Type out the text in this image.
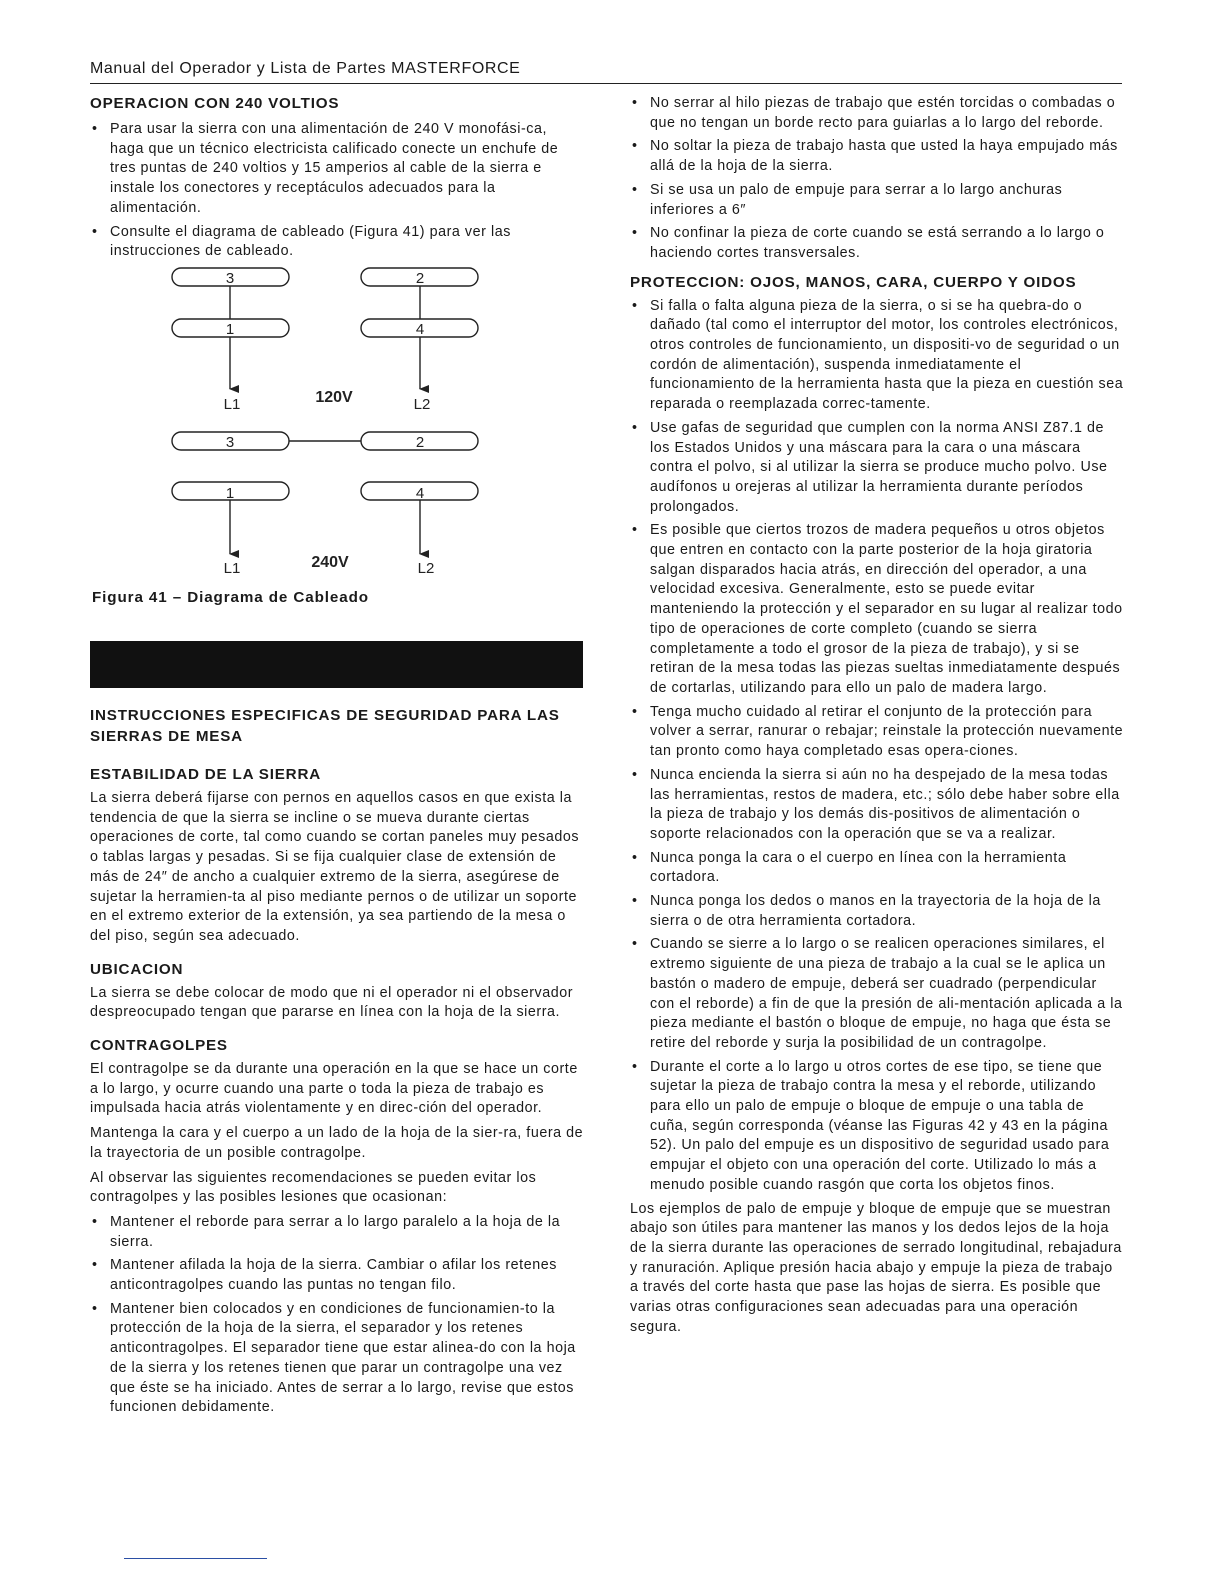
Manual del Operador y Lista de Partes MASTERFORCE
OPERACION CON 240 VOLTIOS
• Para usar la sierra con una alimentación de 240 V monofási-ca, haga que un técnico electricista calificado conecte un enchufe de tres puntas de 240 voltios y 15 amperios al cable de la sierra e instale los conectores y receptáculos adecuados para la alimentación.
• Consulte el diagrama de cableado (Figura 41) para ver las instrucciones de cableado.
3	2
1	4
L1	L2
120V
3	2
1	4
L1	L2
240V
Figura 41 – Diagrama de Cableado
INSTRUCCIONES ESPECIFICAS DE SEGURIDAD PARA LAS SIERRAS DE MESA
ESTABILIDAD DE LA SIERRA

La sierra deberá fijarse con pernos en aquellos casos en que exista la tendencia de que la sierra se incline o se mueva durante ciertas operaciones de corte, tal como cuando se cortan paneles muy pesados o tablas largas y pesadas. Si se fija cualquier clase de extensión de más de 24″ de ancho a cualquier extremo de la sierra, asegúrese de sujetar la herramien-ta al piso mediante pernos o de utilizar un soporte en el extremo exterior de la extensión, ya sea partiendo de la mesa o del piso, según sea adecuado.

UBICACION

La sierra se debe colocar de modo que ni el operador ni el observador despreocupado tengan que pararse en línea con la hoja de la sierra.

CONTRAGOLPES

El contragolpe se da durante una operación en la que se hace un corte a lo largo, y ocurre cuando una parte o toda la pieza de trabajo es impulsada hacia atrás violentamente y en direc-ción del operador.

Mantenga la cara y el cuerpo a un lado de la hoja de la sier-ra, fuera de la trayectoria de un posible contragolpe.

Al observar las siguientes recomendaciones se pueden evitar los contragolpes y las posibles lesiones que ocasionan:

• Mantener el reborde para serrar a lo largo paralelo a la hoja de la sierra.
• Mantener afilada la hoja de la sierra. Cambiar o afilar los retenes anticontragolpes cuando las puntas no tengan filo.
• Mantener bien colocados y en condiciones de funcionamien-to la protección de la hoja de la sierra, el separador y los retenes anticontragolpes. El separador tiene que estar alinea-do con la hoja de la sierra y los retenes tienen que parar un contragolpe una vez que éste se ha iniciado. Antes de serrar a lo largo, revise que estos funcionen debidamente.
• No serrar al hilo piezas de trabajo que estén torcidas o combadas o que no tengan un borde recto para guiarlas a lo largo del reborde.
• No soltar la pieza de trabajo hasta que usted la haya empujado más allá de la hoja de la sierra.
• Si se usa un palo de empuje para serrar a lo largo anchuras inferiores a 6″
• No confinar la pieza de corte cuando se está serrando a lo largo o haciendo cortes transversales.
PROTECCION: OJOS, MANOS, CARA, CUERPO Y OIDOS
• Si falla o falta alguna pieza de la sierra, o si se ha quebra-do o dañado (tal como el interruptor del motor, los controles electrónicos, otros controles de funcionamiento, un dispositi-vo de seguridad o un cordón de alimentación), suspenda inmediatamente el funcionamiento de la herramienta hasta que la pieza en cuestión sea reparada o reemplazada correc-tamente.
• Use gafas de seguridad que cumplen con la norma ANSI Z87.1 de los Estados Unidos y una máscara para la cara o una máscara contra el polvo, si al utilizar la sierra se produce mucho polvo. Use audífonos u orejeras al utilizar la herramienta durante períodos prolongados.
• Es posible que ciertos trozos de madera pequeños u otros objetos que entren en contacto con la parte posterior de la hoja giratoria salgan disparados hacia atrás, en dirección del operador, a una velocidad excesiva. Generalmente, esto se puede evitar manteniendo la protección y el separador en su lugar al realizar todo tipo de operaciones de corte completo (cuando se sierra completamente a todo el grosor de la pieza de trabajo), y si se retiran de la mesa todas las piezas sueltas inmediatamente después de cortarlas, utilizando para ello un palo de madera largo.
• Tenga mucho cuidado al retirar el conjunto de la protección para volver a serrar, ranurar o rebajar; reinstale la protección nuevamente tan pronto como haya completado esas opera-ciones.
• Nunca encienda la sierra si aún no ha despejado de la mesa todas las herramientas, restos de madera, etc.; sólo debe haber sobre ella la pieza de trabajo y los demás dis-positivos de alimentación o soporte relacionados con la operación que se va a realizar.
• Nunca ponga la cara o el cuerpo en línea con la herramienta cortadora.
• Nunca ponga los dedos o manos en la trayectoria de la hoja de la sierra o de otra herramienta cortadora.
• Cuando se sierre a lo largo o se realicen operaciones similares, el extremo siguiente de una pieza de trabajo a la cual se le aplica un bastón o madero de empuje, deberá ser cuadrado (perpendicular con el reborde) a fin de que la presión de ali-mentación aplicada a la pieza mediante el bastón o bloque de empuje, no haga que ésta se retire del reborde y surja la posibilidad de un contragolpe.
• Durante el corte a lo largo u otros cortes de ese tipo, se tiene que sujetar la pieza de trabajo contra la mesa y el reborde, utilizando para ello un palo de empuje o bloque de empuje o una tabla de cuña, según corresponda (véanse las Figuras 42 y 43 en la página 52). Un palo del empuje es un dispositivo de seguridad usado para empujar el objeto con una operación del corte. Utilizado lo más a menudo posible cuando rasgón que corta los objetos finos.

Los ejemplos de palo de empuje y bloque de empuje que se muestran abajo son útiles para mantener las manos y los dedos lejos de la hoja de la sierra durante las operaciones de serrado longitudinal, rebajadura y ranuración. Aplique presión hacia abajo y empuje la pieza de trabajo a través del corte hasta que pase las hojas de sierra. Es posible que varias otras configuraciones sean adecuadas para una operación segura.
